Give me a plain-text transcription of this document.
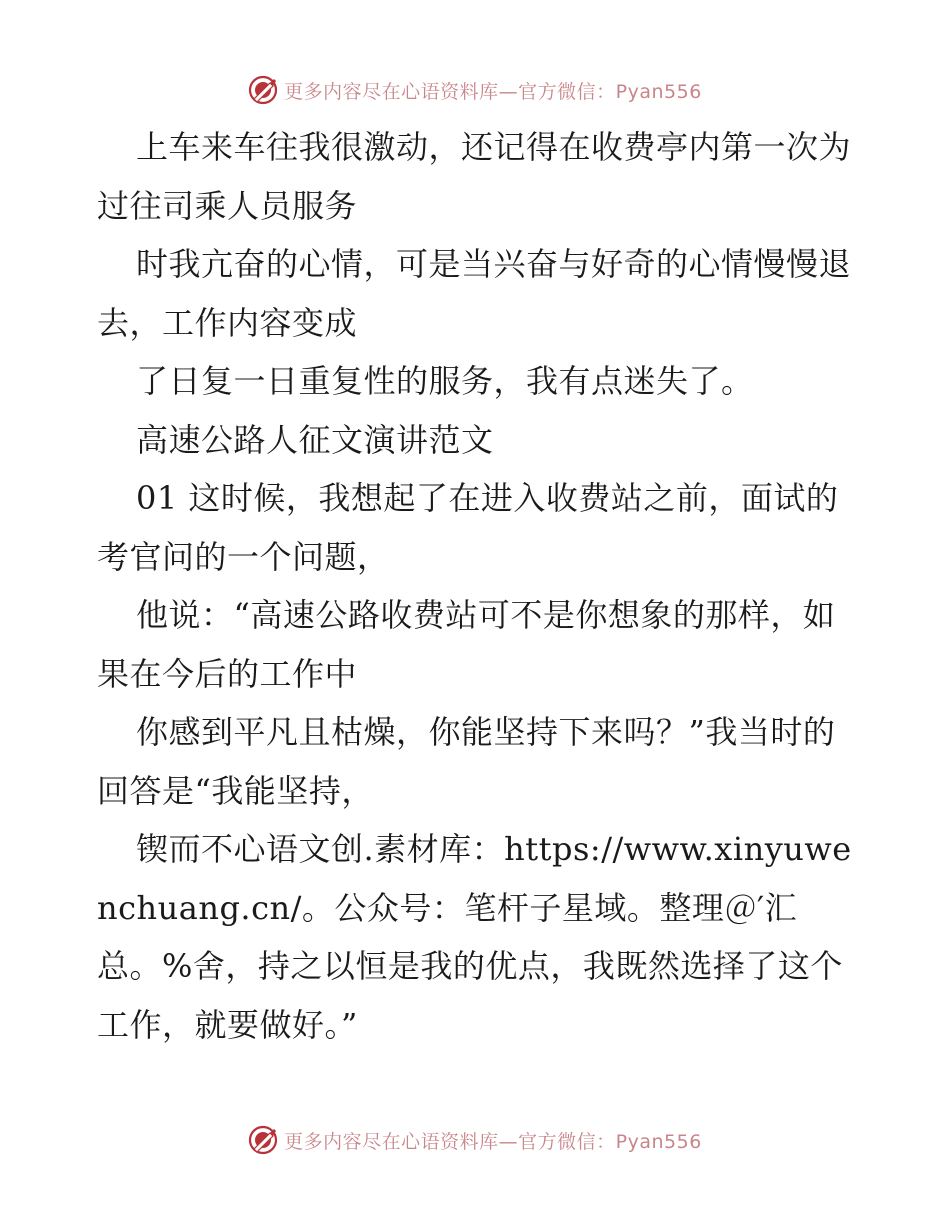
更多内容尽在心语资料库—官方微信：Pyan556

上车来车往我很激动，还记得在收费亭内第一次为过往司乘人员服务

时我亢奋的心情，可是当兴奋与好奇的心情慢慢退去，工作内容变成

了日复一日重复性的服务，我有点迷失了。

高速公路人征文演讲范文

01 这时候，我想起了在进入收费站之前，面试的考官问的一个问题，

他说：“高速公路收费站可不是你想象的那样，如果在今后的工作中

你感到平凡且枯燥，你能坚持下来吗？”我当时的回答是“我能坚持，

锲而不心语文创.素材库：https://www.xinyuwenchuang.cn/。公众号：笔杆子星域。整理＠′汇总。%舍，持之以恒是我的优点，我既然选择了这个工作，就要做好。”

更多内容尽在心语资料库—官方微信：Pyan556
